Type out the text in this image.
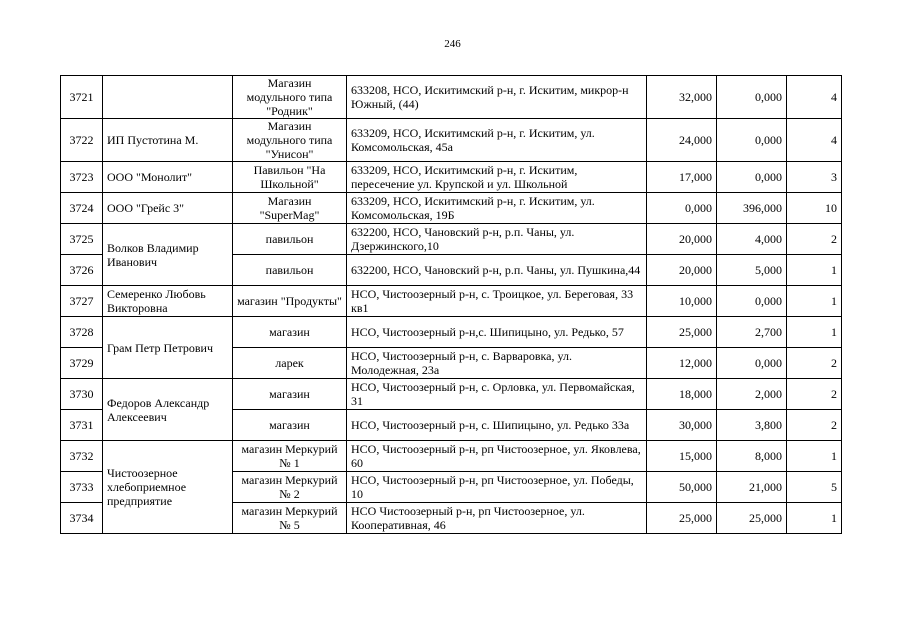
246
3721		Магазин модульного типа "Родник"	633208, НСО, Искитимский р-н, г. Искитим, микрор-н Южный, (44)	32,000	0,000	4
3722	ИП Пустотина М.	Магазин модульного типа "Унисон"	633209, НСО, Искитимский р-н, г. Искитим, ул. Комсомольская, 45а	24,000	0,000	4
3723	ООО "Монолит"	Павильон "На Школьной"	633209, НСО, Искитимский р-н, г. Искитим, пересечение ул. Крупской и ул. Школьной	17,000	0,000	3
3724	ООО "Грейс 3"	Магазин "SuperMag"	633209, НСО, Искитимский р-н, г. Искитим, ул. Комсомольская, 19Б	0,000	396,000	10
3725	Волков Владимир Иванович	павильон	632200, НСО, Чановский р-н, р.п. Чаны, ул. Дзержинского,10	20,000	4,000	2
3726		павильон	632200, НСО, Чановский р-н, р.п. Чаны, ул. Пушкина,44	20,000	5,000	1
3727	Семеренко Любовь Викторовна	магазин "Продукты"	НСО, Чистоозерный р-н, с. Троицкое, ул. Береговая, 33 кв1	10,000	0,000	1
3728	Грам Петр Петрович	магазин	НСО, Чистоозерный р-н,с. Шипицыно, ул. Редько, 57	25,000	2,700	1
3729		ларек	НСО, Чистоозерный р-н, с. Варваровка, ул. Молодежная, 23а	12,000	0,000	2
3730	Федоров Александр Алексеевич	магазин	НСО, Чистоозерный р-н, с. Орловка, ул. Первомайская, 31	18,000	2,000	2
3731		магазин	НСО, Чистоозерный р-н, с. Шипицыно, ул. Редько 33а	30,000	3,800	2
3732	Чистоозерное хлебоприемное предприятие	магазин Меркурий № 1	НСО, Чистоозерный р-н, рп Чистоозерное, ул. Яковлева, 60	15,000	8,000	1
3733		магазин Меркурий № 2	НСО, Чистоозерный р-н, рп Чистоозерное, ул. Победы, 10	50,000	21,000	5
3734		магазин Меркурий № 5	НСО Чистоозерный р-н, рп Чистоозерное, ул. Кооперативная, 46	25,000	25,000	1
